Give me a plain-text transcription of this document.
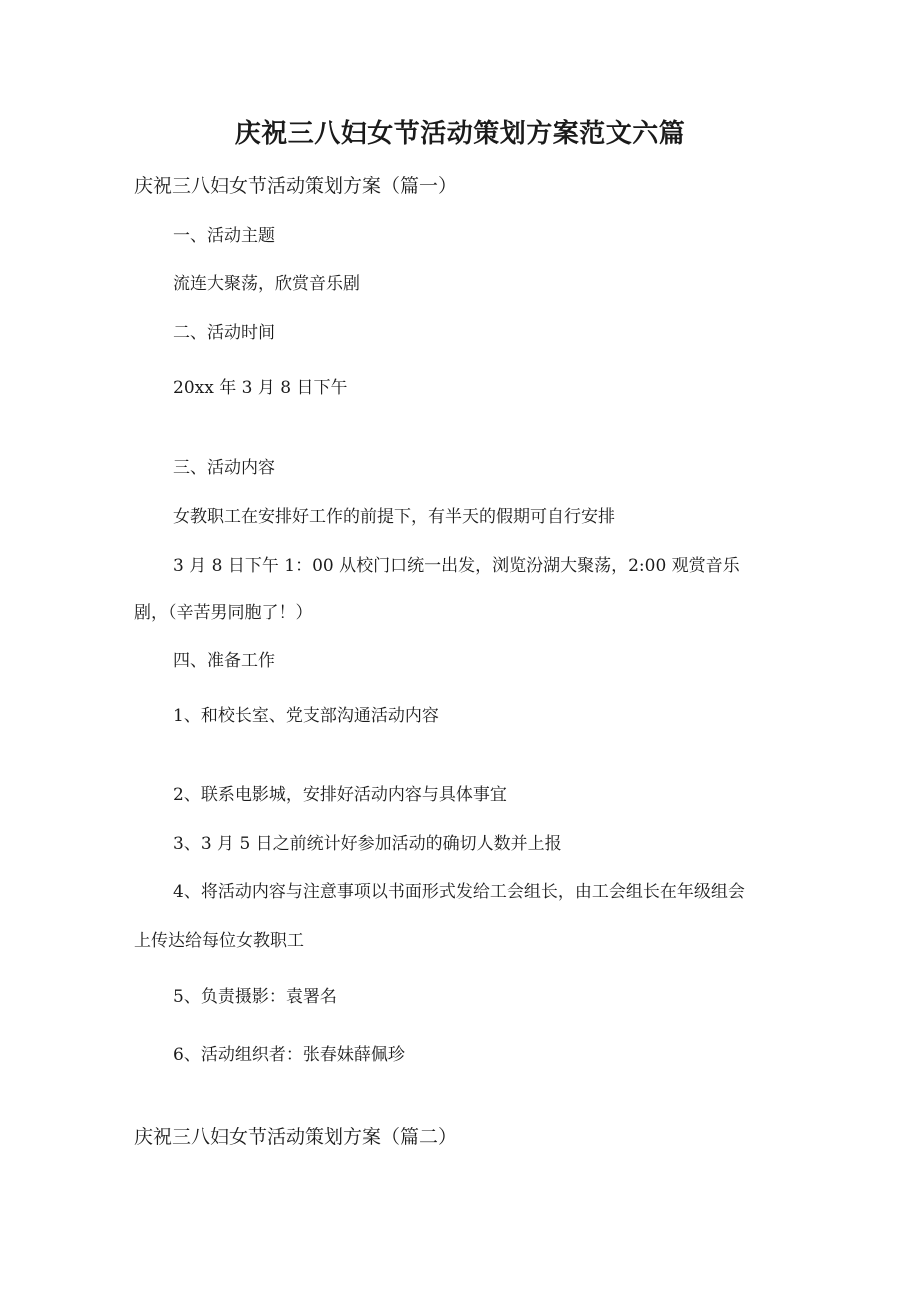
庆祝三八妇女节活动策划方案范文六篇
庆祝三八妇女节活动策划方案（篇一）
一、活动主题
流连大聚荡，欣赏音乐剧
二、活动时间
20xx 年 3 月 8 日下午
三、活动内容
女教职工在安排好工作的前提下，有半天的假期可自行安排
3 月 8 日下午 1：00 从校门口统一出发，浏览汾湖大聚荡，2:00 观赏音乐
剧，（辛苦男同胞了！）
四、准备工作
1、和校长室、党支部沟通活动内容
2、联系电影城，安排好活动内容与具体事宜
3、3 月 5 日之前统计好参加活动的确切人数并上报
4、将活动内容与注意事项以书面形式发给工会组长，由工会组长在年级组会
上传达给每位女教职工
5、负责摄影：袁署名
6、活动组织者：张春妹薛佩珍
庆祝三八妇女节活动策划方案（篇二）
